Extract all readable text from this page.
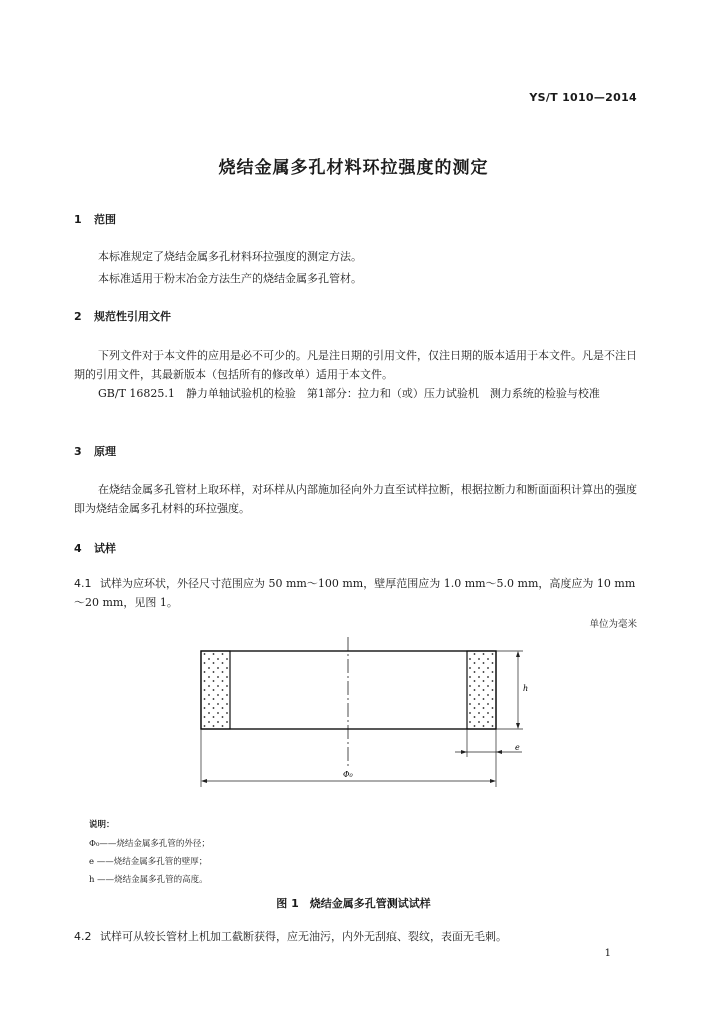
YS/T 1010—2014
烧结金属多孔材料环拉强度的测定
1 范围
本标准规定了烧结金属多孔材料环拉强度的测定方法。
本标准适用于粉末冶金方法生产的烧结金属多孔管材。
2 规范性引用文件
下列文件对于本文件的应用是必不可少的。凡是注日期的引用文件，仅注日期的版本适用于本文件。凡是不注日期的引用文件，其最新版本（包括所有的修改单）适用于本文件。
GB/T 16825.1　静力单轴试验机的检验　第1部分：拉力和（或）压力试验机　测力系统的检验与校准
3 原理
在烧结金属多孔管材上取环样，对环样从内部施加径向外力直至试样拉断，根据拉断力和断面面积计算出的强度即为烧结金属多孔材料的环拉强度。
4 试样
4.1 试样为应环状，外径尺寸范围应为 50 mm～100 mm，壁厚范围应为 1.0 mm～5.0 mm，高度应为 10 mm～20 mm，见图 1。
单位为毫米
h
e
Φ₀
说明：
Φ₀——烧结金属多孔管的外径；
e ——烧结金属多孔管的壁厚；
h ——烧结金属多孔管的高度。
图 1　烧结金属多孔管测试试样
4.2 试样可从较长管材上机加工截断获得，应无油污，内外无刮痕、裂纹，表面无毛刺。
1
